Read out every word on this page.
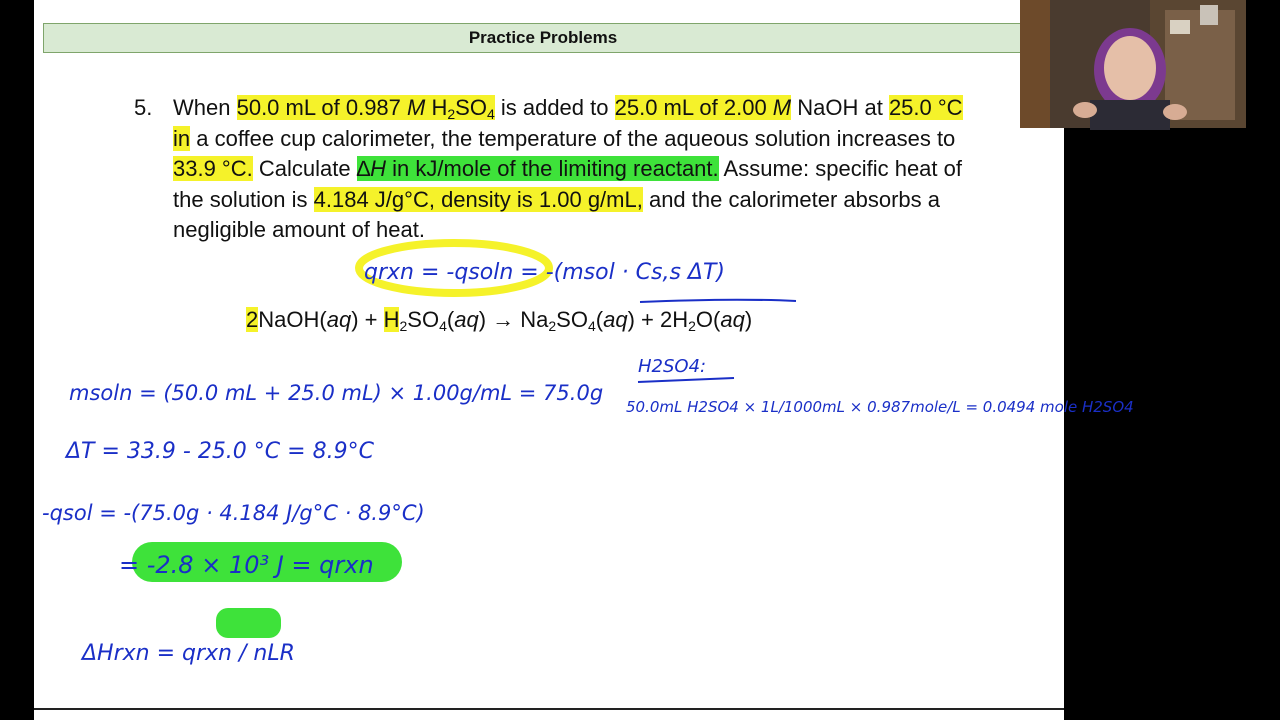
Practice Problems
5. When 50.0 mL of 0.987 M $H_2SO_4$ is added to 25.0 mL of 2.00 M NaOH at 25.0 °C in a coffee cup calorimeter, the temperature of the aqueous solution increases to 33.9 °C. Calculate ∆H in kJ/mole of the limiting reactant. Assume: specific heat of the solution is 4.184 J/g°C, density is 1.00 g/mL, and the calorimeter absorbs a negligible amount of heat.
2NaOH(aq) + $H_2SO_4(aq) \to Na_2SO_4(aq) + 2H_2O(aq)$
qrxn = -qsoln = -(msol · Cs,s ΔT)
msoln = (50.0 mL + 25.0 mL) × 1.00g/mL = 75.0g
ΔT = 33.9 - 25.0 °C = 8.9°C
-qsol = -(75.0g · 4.184 J/g°C · 8.9°C)
= -2.8 × 10³ J = qrxn
ΔHrxn = qrxn / nLR
H2SO4:
50.0mL H2SO4 × 1L/1000mL × 0.987mole/L = 0.0494 mole H2SO4
